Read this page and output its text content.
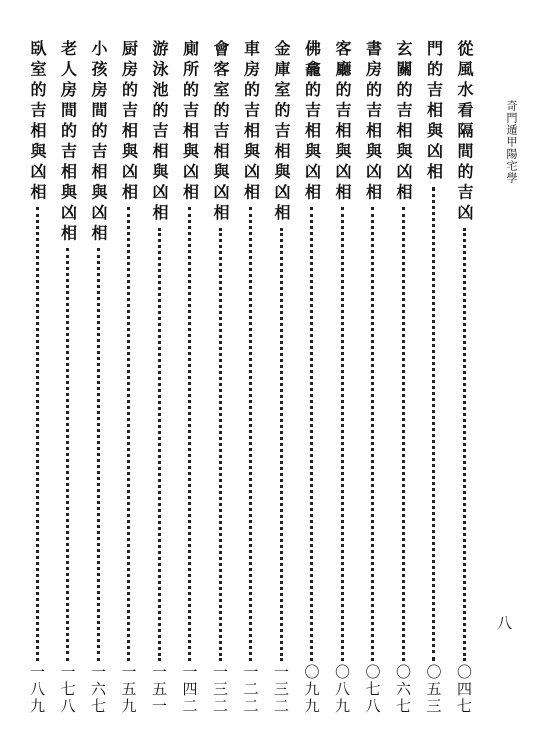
奇門遁甲陽宅學
八
從風水看隔間的吉凶
〇四七
門的吉相與凶相
〇五三
玄關的吉相與凶相
〇六七
書房的吉相與凶相
〇七八
客廳的吉相與凶相
〇八九
佛龕的吉相與凶相
〇九九
金庫室的吉相與凶相
一三二
車房的吉相與凶相
一二二
會客室的吉相與凶相
一三二
廁所的吉相與凶相
一四二
游泳池的吉相與凶相
一五一
厨房的吉相與凶相
一五九
小孩房間的吉相與凶相
一六七
老人房間的吉相與凶相
一七八
臥室的吉相與凶相
一八九
